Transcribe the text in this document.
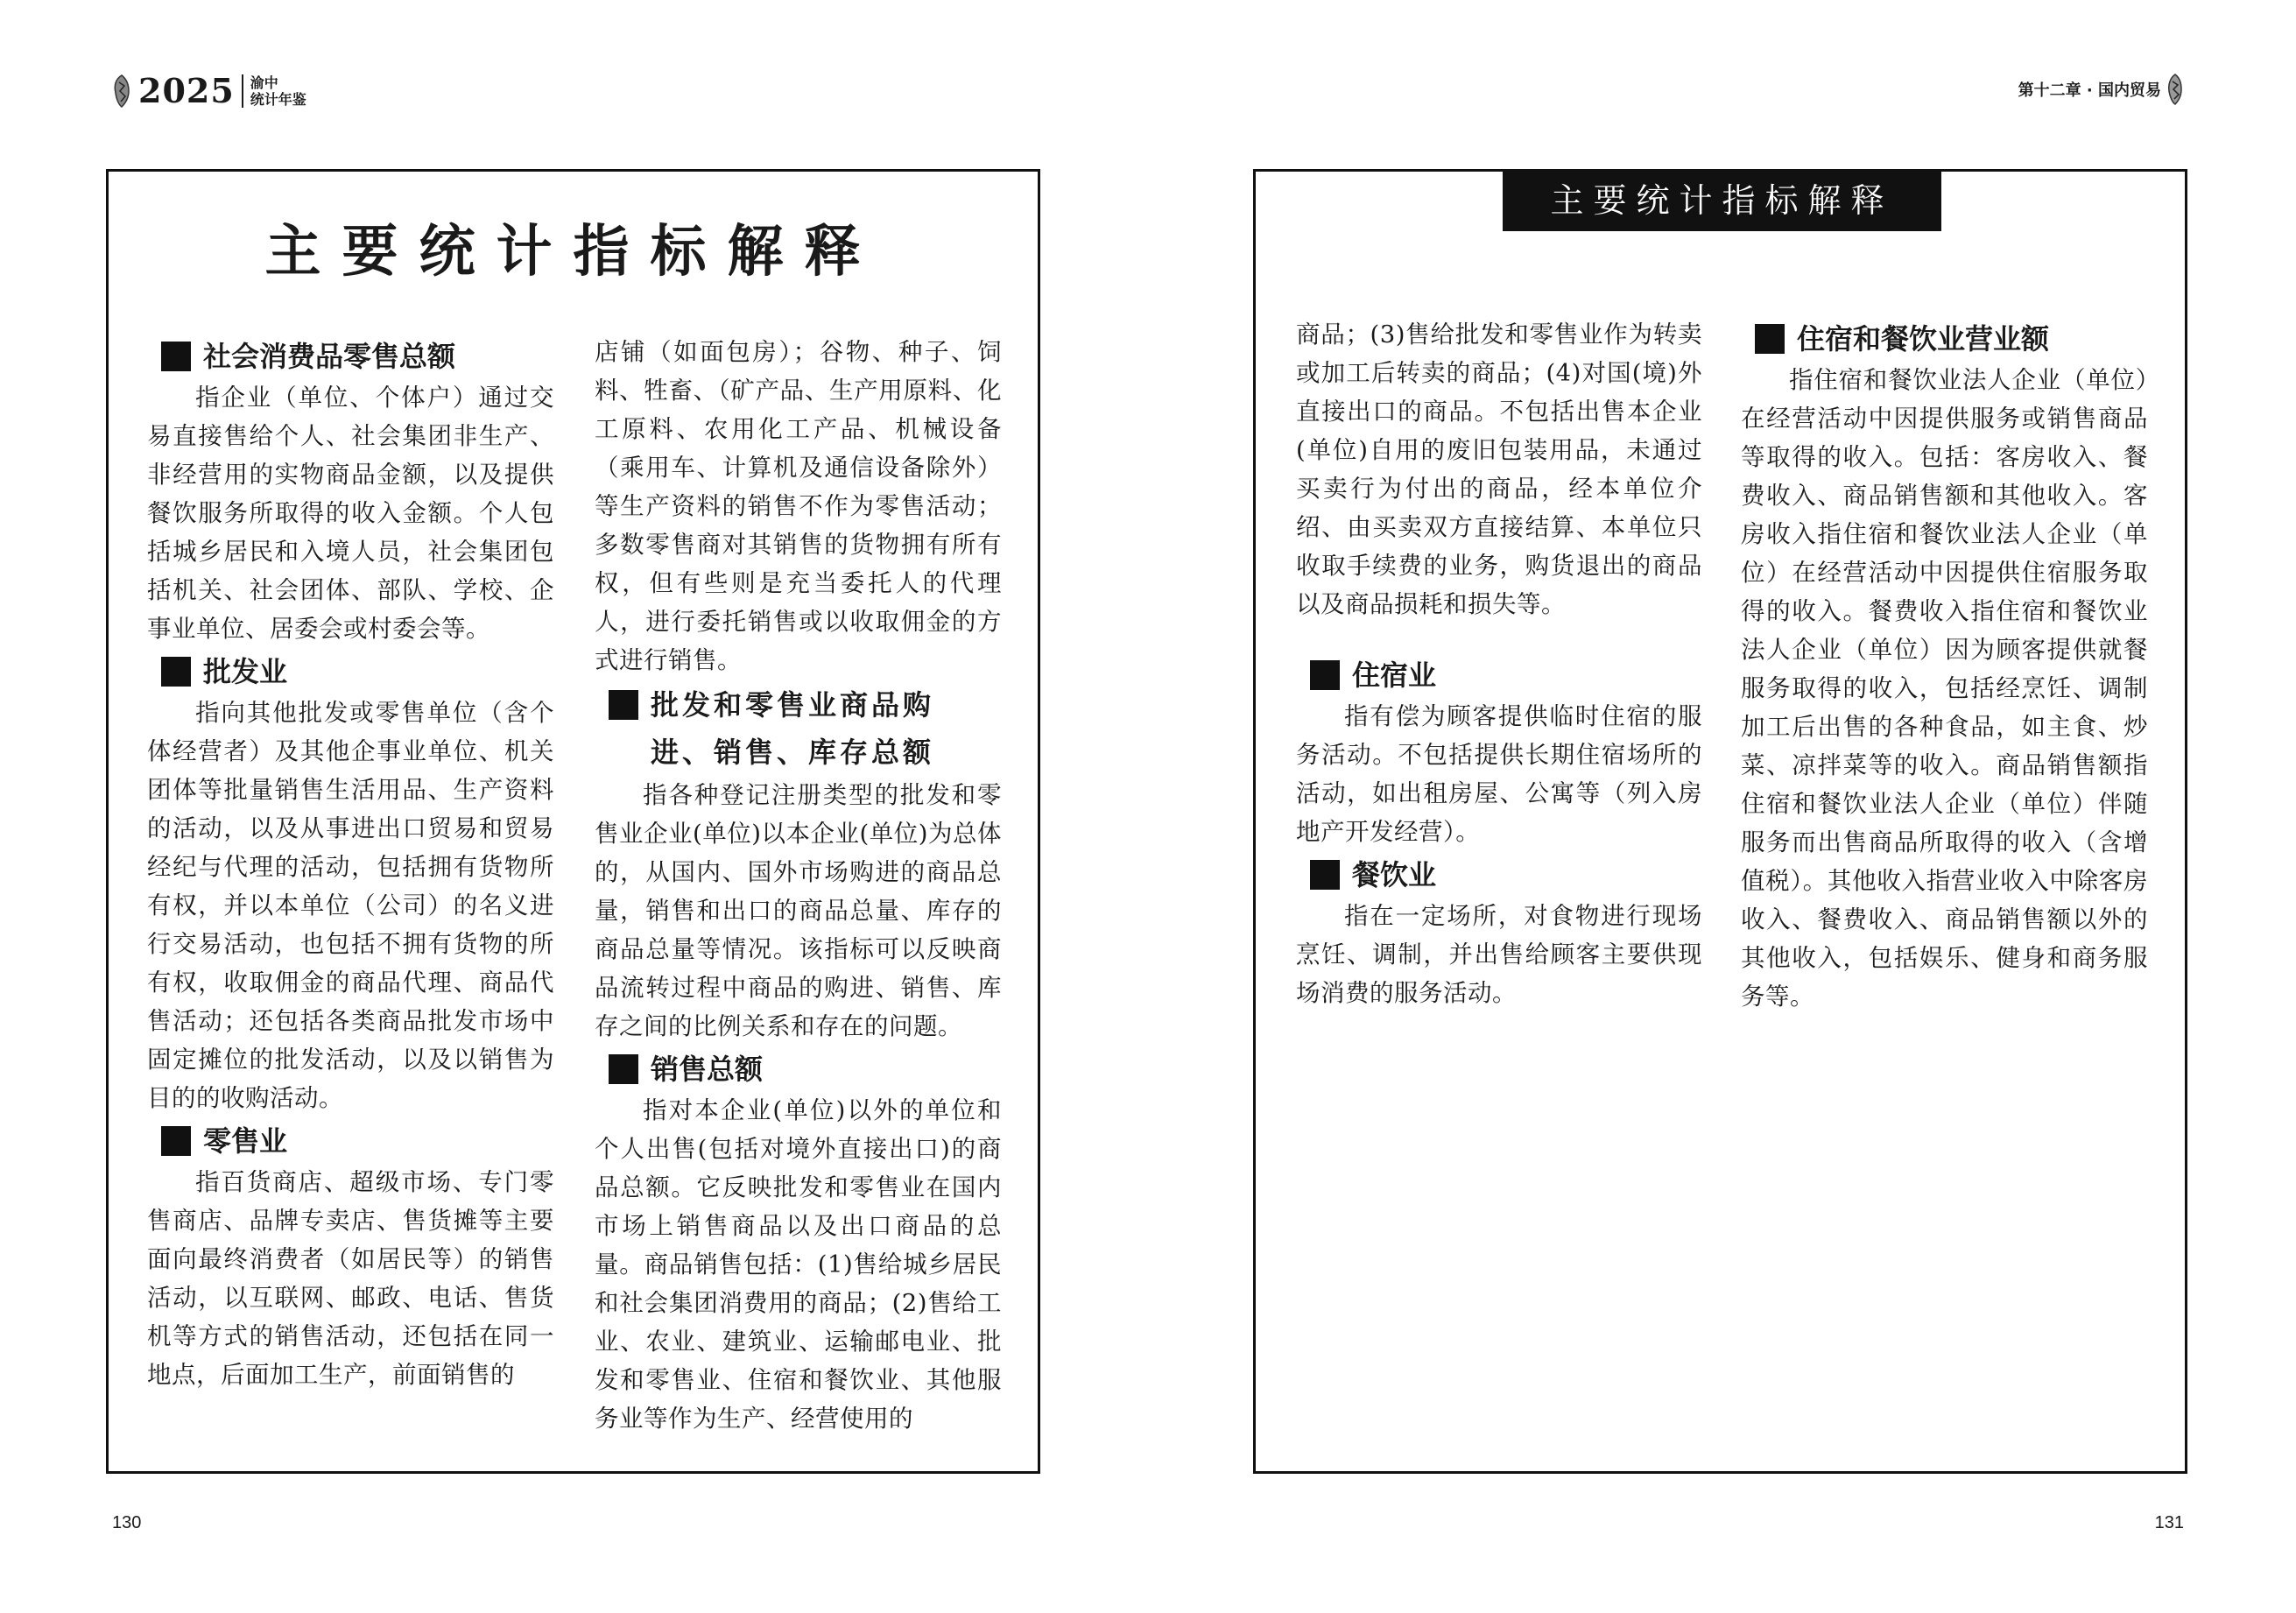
2025 渝中
统计年鉴	第十二章 · 国内贸易
主要统计指标解释
主要统计指标解释
社会消费品零售总额

指企业（单位、个体户）通过交易直接售给个人、社会集团非生产、非经营用的实物商品金额，以及提供餐饮服务所取得的收入金额。个人包括城乡居民和入境人员，社会集团包括机关、社会团体、部队、学校、企事业单位、居委会或村委会等。

批发业

指向其他批发或零售单位（含个体经营者）及其他企事业单位、机关团体等批量销售生活用品、生产资料的活动，以及从事进出口贸易和贸易经纪与代理的活动，包括拥有货物所有权，并以本单位（公司）的名义进行交易活动，也包括不拥有货物的所有权，收取佣金的商品代理、商品代售活动；还包括各类商品批发市场中固定摊位的批发活动，以及以销售为目的的收购活动。

零售业

指百货商店、超级市场、专门零售商店、品牌专卖店、售货摊等主要面向最终消费者（如居民等）的销售活动，以互联网、邮政、电话、售货机等方式的销售活动，还包括在同一地点，后面加工生产，前面销售的

店铺（如面包房）；谷物、种子、饲料、牲畜、（矿产品、生产用原料、化工原料、农用化工产品、机械设备（乘用车、计算机及通信设备除外）等生产资料的销售不作为零售活动；多数零售商对其销售的货物拥有所有权，但有些则是充当委托人的代理人，进行委托销售或以收取佣金的方式进行销售。

批发和零售业商品购
进、销售、库存总额

指各种登记注册类型的批发和零售业企业(单位)以本企业(单位)为总体的，从国内、国外市场购进的商品总量，销售和出口的商品总量、库存的商品总量等情况。该指标可以反映商品流转过程中商品的购进、销售、库存之间的比例关系和存在的问题。

销售总额

指对本企业(单位)以外的单位和个人出售(包括对境外直接出口)的商品总额。它反映批发和零售业在国内市场上销售商品以及出口商品的总量。商品销售包括：(1)售给城乡居民和社会集团消费用的商品；(2)售给工业、农业、建筑业、运输邮电业、批发和零售业、住宿和餐饮业、其他服务业等作为生产、经营使用的

商品；(3)售给批发和零售业作为转卖或加工后转卖的商品；(4)对国(境)外直接出口的商品。不包括出售本企业(单位)自用的废旧包装用品，未通过买卖行为付出的商品，经本单位介绍、由买卖双方直接结算、本单位只收取手续费的业务，购货退出的商品以及商品损耗和损失等。

住宿业

指有偿为顾客提供临时住宿的服务活动。不包括提供长期住宿场所的活动，如出租房屋、公寓等（列入房地产开发经营）。

餐饮业

指在一定场所，对食物进行现场烹饪、调制，并出售给顾客主要供现场消费的服务活动。

住宿和餐饮业营业额

指住宿和餐饮业法人企业（单位）在经营活动中因提供服务或销售商品等取得的收入。包括：客房收入、餐费收入、商品销售额和其他收入。客房收入指住宿和餐饮业法人企业（单位）在经营活动中因提供住宿服务取得的收入。餐费收入指住宿和餐饮业法人企业（单位）因为顾客提供就餐服务取得的收入，包括经烹饪、调制加工后出售的各种食品，如主食、炒菜、凉拌菜等的收入。商品销售额指住宿和餐饮业法人企业（单位）伴随服务而出售商品所取得的收入（含增值税）。其他收入指营业收入中除客房收入、餐费收入、商品销售额以外的其他收入，包括娱乐、健身和商务服务等。

130	131
